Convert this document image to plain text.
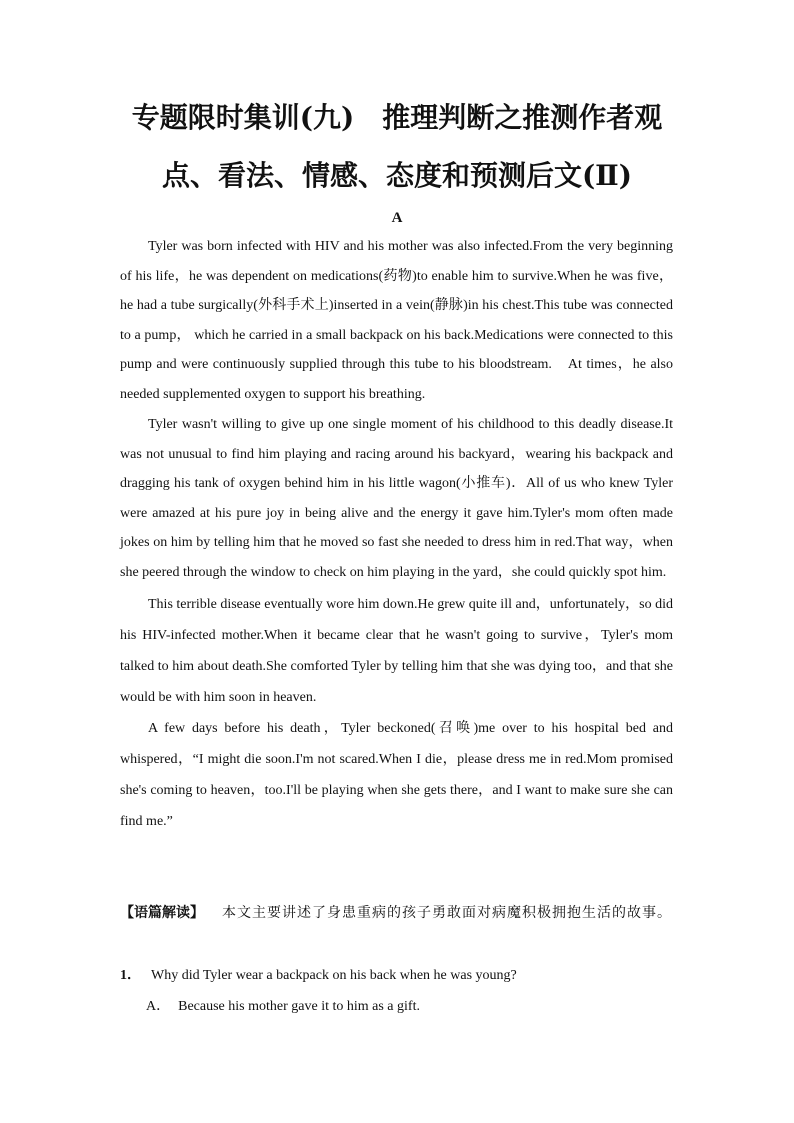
专题限时集训(九)　推理判断之推测作者观
点、看法、情感、态度和预测后文(Ⅱ)

A

Tyler was born infected with HIV and his mother was also infected.From the very beginning of his life，he was dependent on medications(药物)to enable him to survive.When he was five，he had a tube surgically(外科手术上)inserted in a vein(静脉)in his chest.This tube was connected to a pump， which he carried in a small backpack on his back.Medications were connected to this pump and were continuously supplied through this tube to his bloodstream.　At times，he also needed supplemented oxygen to support his breathing.

Tyler wasn't willing to give up one single moment of his childhood to this deadly disease.It was not unusual to find him playing and racing around his backyard，wearing his backpack and dragging his tank of oxygen behind him in his little wagon(小推车)．All of us who knew Tyler were amazed at his pure joy in being alive and the energy it gave him.Tyler's mom often made jokes on him by telling him that he moved so fast she needed to dress him in red.That way，when she peered through the window to check on him playing in the yard，she could quickly spot him.

This terrible disease eventually wore him down.He grew quite ill and，unfortunately，so did his HIV-infected mother.When it became clear that he wasn't going to survive，Tyler's mom talked to him about death.She comforted Tyler by telling him that she was dying too，and that she would be with him soon in heaven.

A few days before his death，Tyler beckoned(召唤)me over to his hospital bed and whispered，“I might die soon.I'm not scared.When I die，please dress me in red.Mom promised she's coming to heaven，too.I'll be playing when she gets there，and I want to make sure she can find me.”

【语篇解读】 本文主要讲述了身患重病的孩子勇敢面对病魔积极拥抱生活的故事。
1． Why did Tyler wear a backpack on his back when he was young?
A． Because his mother gave it to him as a gift.
